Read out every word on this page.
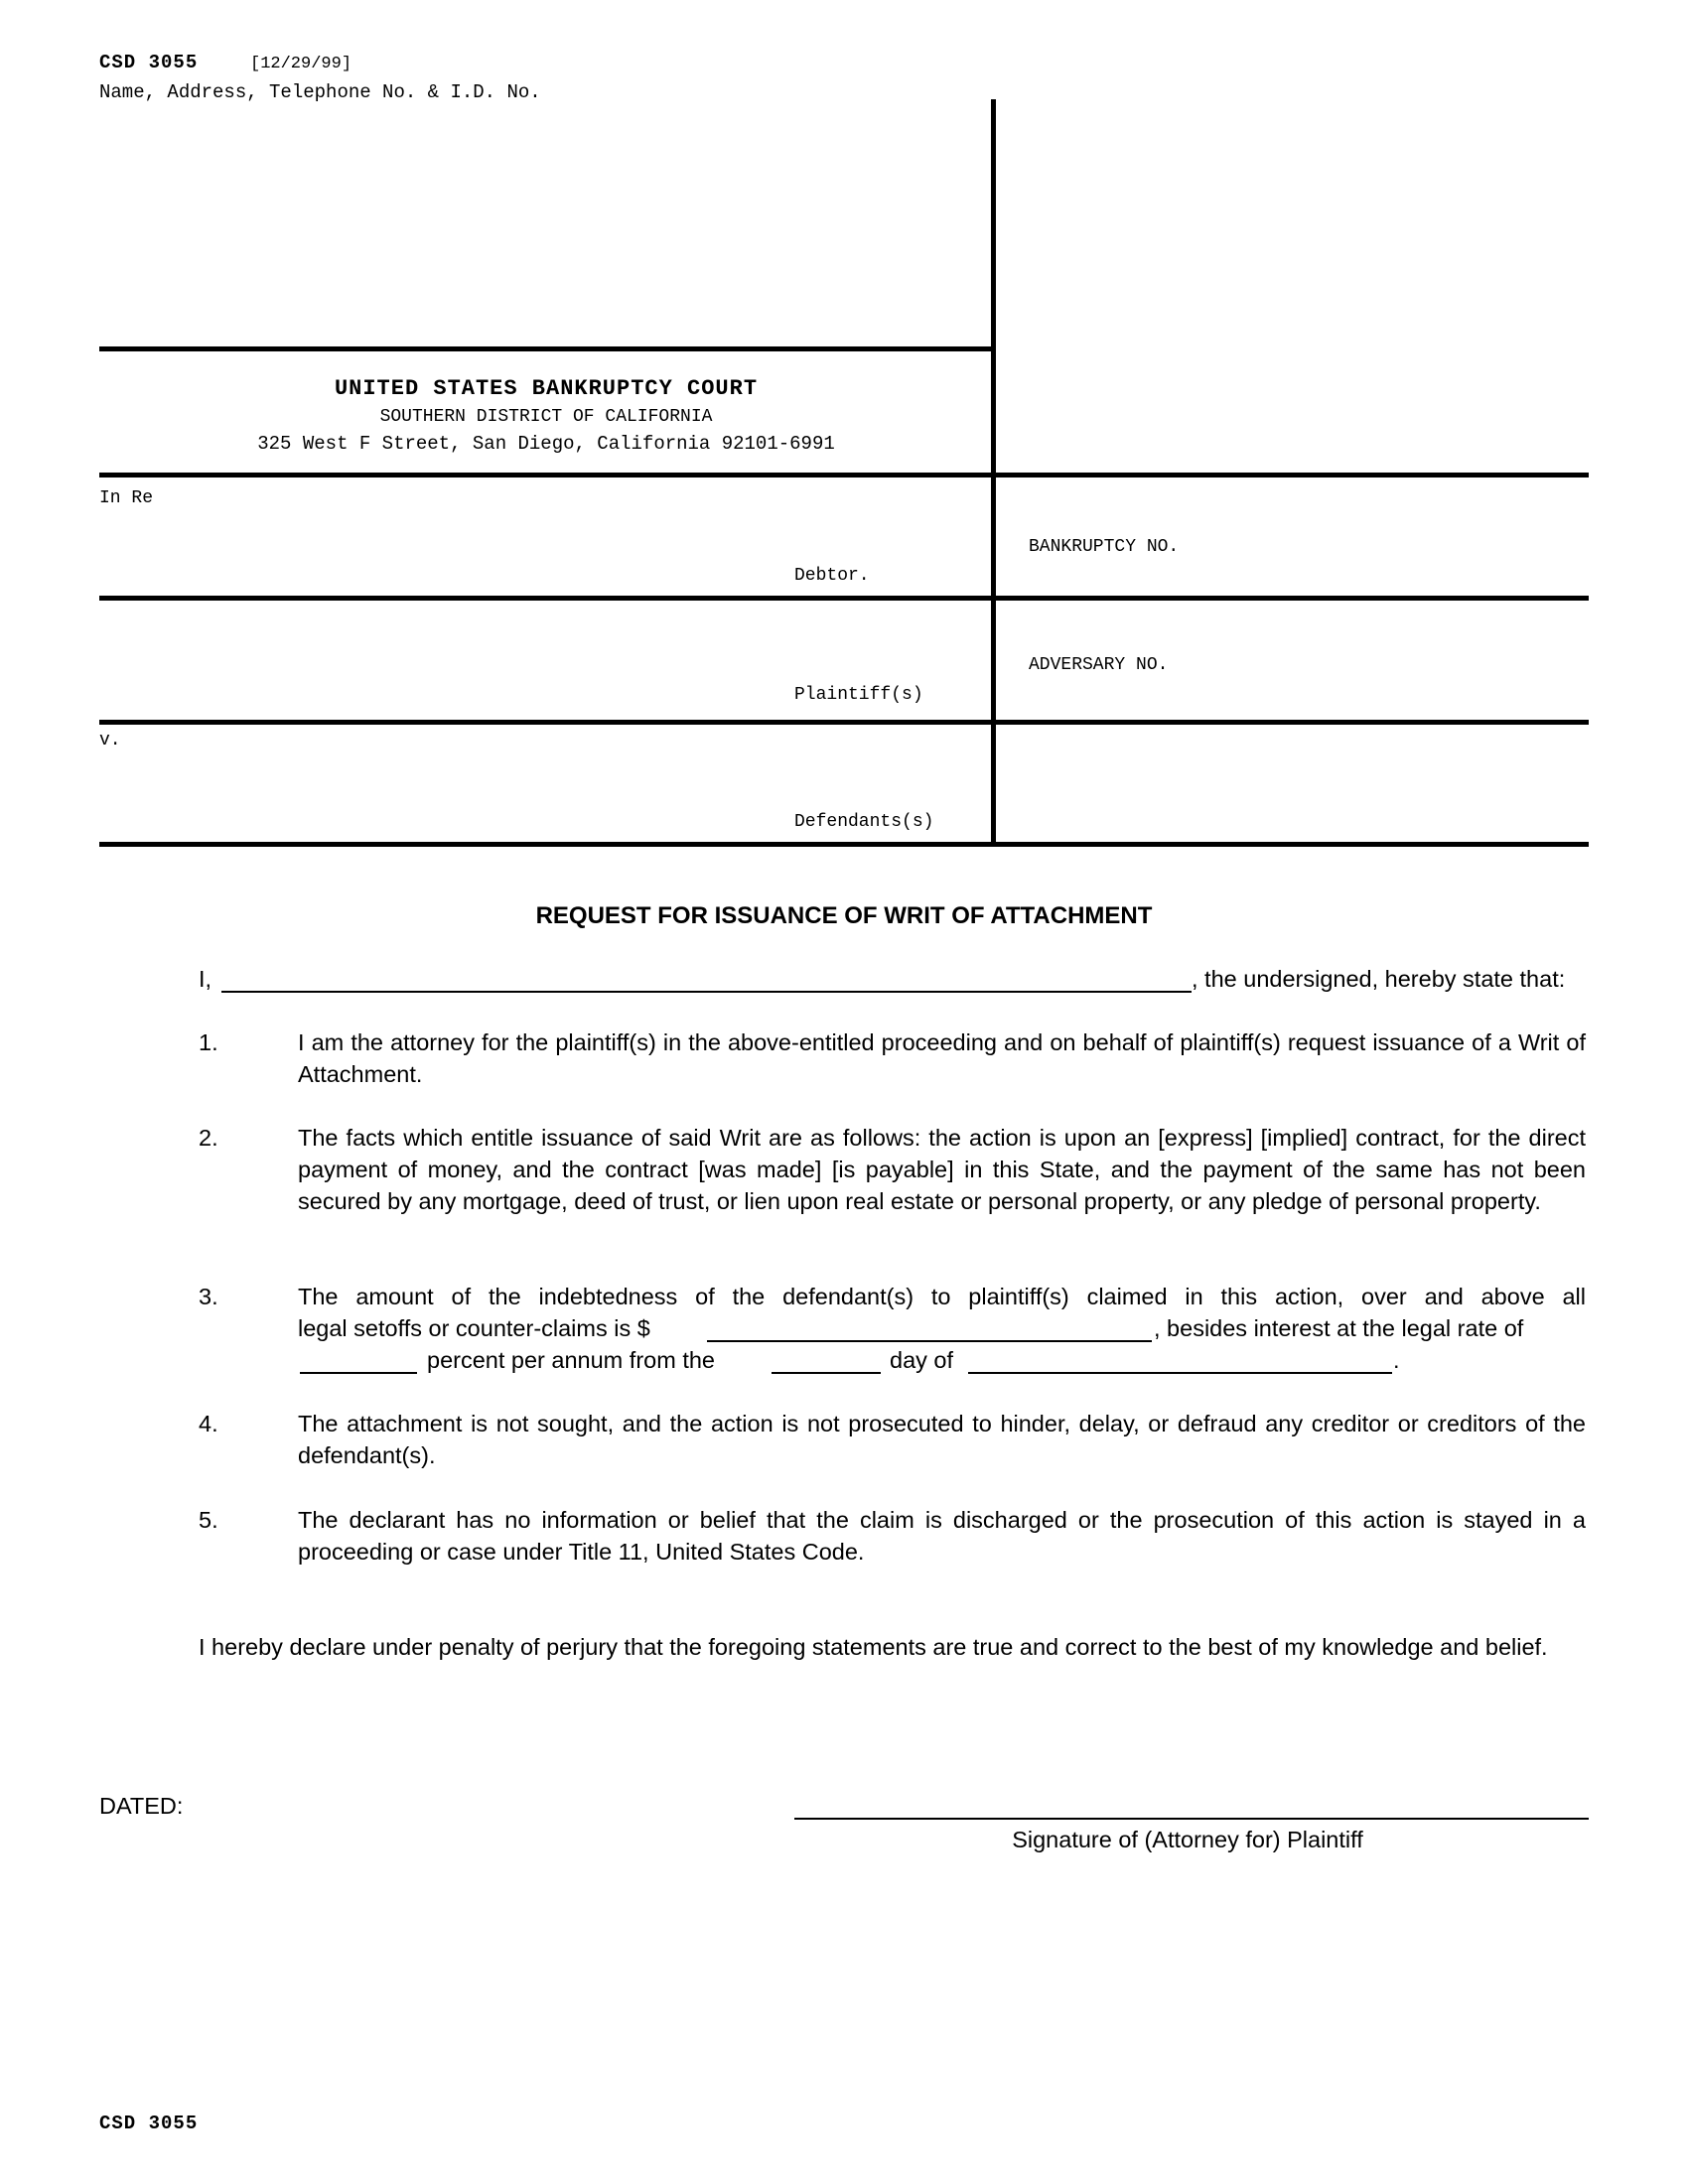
CSD 3055	[12/29/99]
Name, Address, Telephone No. & I.D. No.
UNITED STATES BANKRUPTCY COURT
SOUTHERN DISTRICT OF CALIFORNIA
325 West F Street, San Diego, California 92101-6991
In Re
Debtor.
BANKRUPTCY NO.
Plaintiff(s)
ADVERSARY NO.
v.
Defendants(s)
REQUEST FOR ISSUANCE OF WRIT OF ATTACHMENT
I,	, the undersigned, hereby state that:
1.	I am the attorney for the plaintiff(s) in the above-entitled proceeding and on behalf of plaintiff(s) request issuance of a Writ of Attachment.
2.	The facts which entitle issuance of said Writ are as follows: the action is upon an [express] [implied] contract, for the direct payment of money, and the contract [was made] [is payable] in this State, and the payment of the same has not been secured by any mortgage, deed of trust, or lien upon real estate or personal property, or any pledge of personal property.
3.	The amount of the indebtedness of the defendant(s) to plaintiff(s) claimed in this action, over and above all
legal setoffs or counter-claims is $	, besides interest at the legal rate of
percent per annum from the	day of	.
4.	The attachment is not sought, and the action is not prosecuted to hinder, delay, or defraud any creditor or creditors of the defendant(s).
5.	The declarant has no information or belief that the claim is discharged or the prosecution of this action is stayed in a proceeding or case under Title 11, United States Code.
I hereby declare under penalty of perjury that the foregoing statements are true and correct to the best of my knowledge and belief.
DATED:
Signature of (Attorney for) Plaintiff
CSD 3055
